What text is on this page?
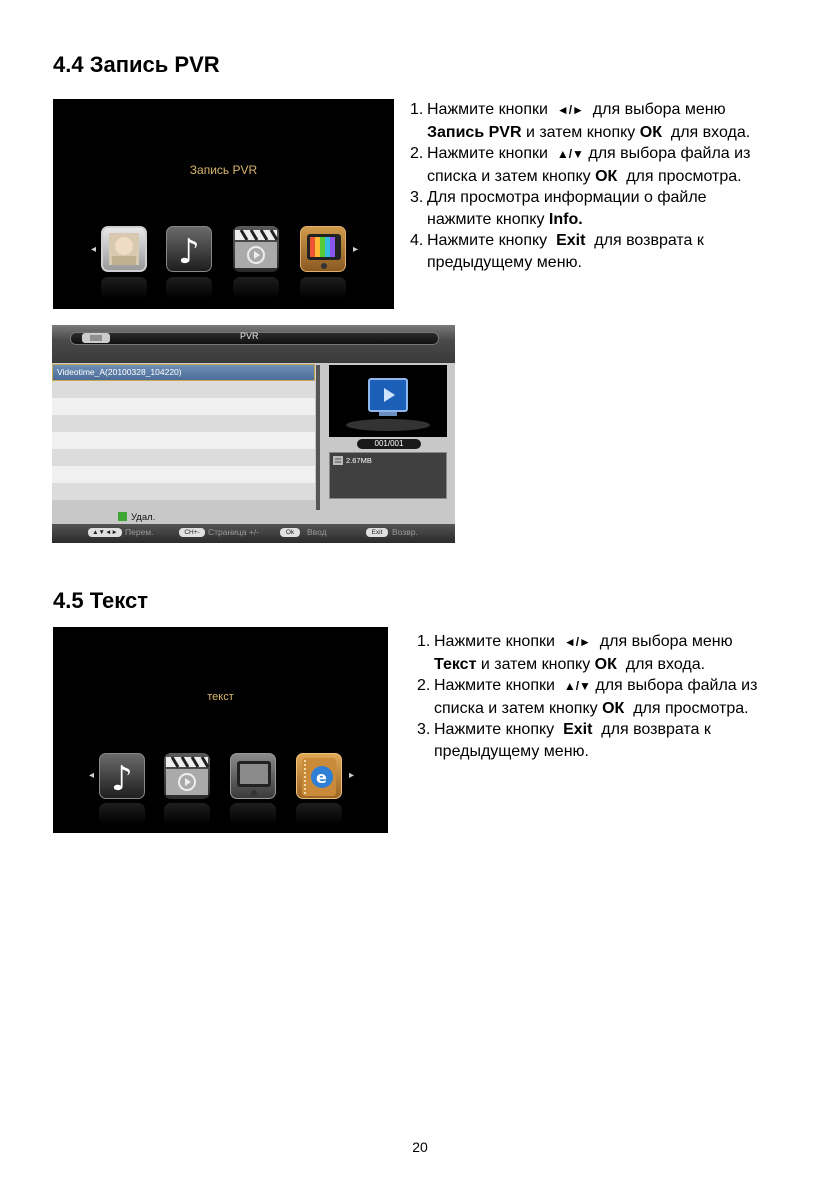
4.4 Запись PVR
Запись PVR
◂	▸
♪
1. Нажмите кнопки ◄/► для выбора меню
Запись PVR и затем кнопку ОК для входа.
2. Нажмите кнопки ▲/▼ для выбора файла из
списка и затем кнопку ОК для просмотра.
3. Для просмотра информации о файле
нажмите кнопку Info.
4. Нажмите кнопку Exit для возврата к
предыдущему меню.
PVR
Videotime_A(20100328_104220)
001/001
2.67MB
Удал.
▲▼◄► Перем.	CH+- Страница +/-	Ok	Ввод	Exit	Возвр.
4.5 Текст
текст
◂	▸
♪	e
1. Нажмите кнопки ◄/► для выбора меню
Текст и затем кнопку ОК для входа.
2. Нажмите кнопки ▲/▼ для выбора файла из
списка и затем кнопку ОК для просмотра.
3. Нажмите кнопку Exit для возврата к
предыдущему меню.
20
